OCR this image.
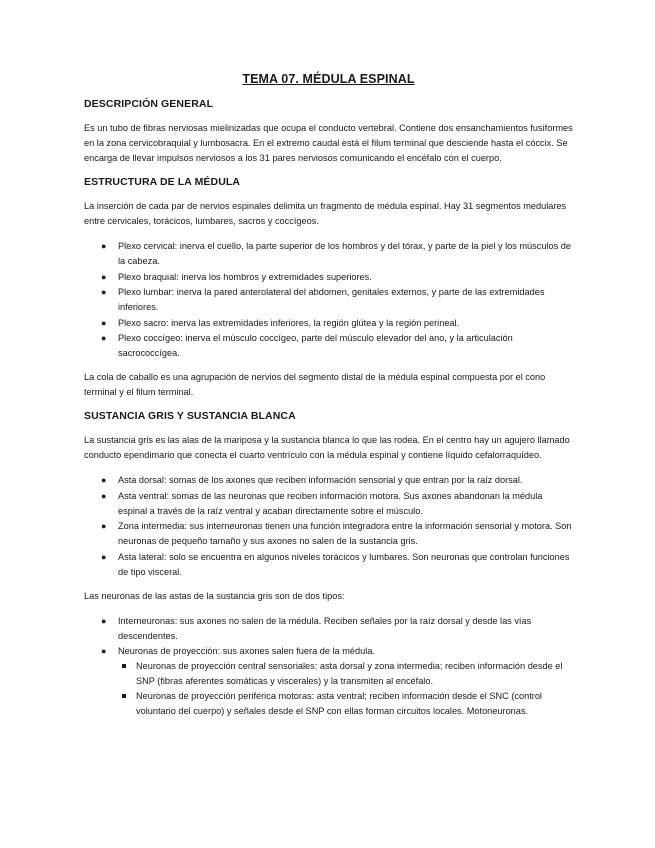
TEMA 07. MÉDULA ESPINAL
DESCRIPCIÓN GENERAL

Es un tubo de fibras nerviosas mielinizadas que ocupa el conducto vertebral. Contiene dos ensanchamientos fusiformes en la zona cervicobraquial y lumbosacra. En el extremo caudal está el filum terminal que desciende hasta el cóccix. Se encarga de llevar impulsos nerviosos a los 31 pares nerviosos comunicando el encéfalo con el cuerpo.

ESTRUCTURA DE LA MÉDULA

La inserción de cada par de nervios espinales delimita un fragmento de médula espinal. Hay 31 segmentos medulares entre cervicales, torácicos, lumbares, sacros y coccígeos.

● Plexo cervical: inerva el cuello, la parte superior de los hombros y del tórax, y parte de la piel y los músculos de la cabeza.
● Plexo braquial: inerva los hombros y extremidades superiores.
● Plexo lumbar: inerva la pared anterolateral del abdomen, genitales externos, y parte de las extremidades inferiores.
● Plexo sacro: inerva las extremidades inferiores, la región glútea y la región perineal.
● Plexo coccígeo: inerva el músculo coccígeo, parte del músculo elevador del ano, y la articulación sacrococcígea.

La cola de caballo es una agrupación de nervios del segmento distal de la médula espinal compuesta por el cono terminal y el filum terminal.

SUSTANCIA GRIS Y SUSTANCIA BLANCA

La sustancia gris es las alas de la mariposa y la sustancia blanca lo que las rodea. En el centro hay un agujero llamado conducto ependimario que conecta el cuarto ventrículo con la médula espinal y contiene líquido cefalorraquídeo.

● Asta dorsal: somas de los axones que reciben información sensorial y que entran por la raíz dorsal.
● Asta ventral: somas de las neuronas que reciben información motora. Sus axones abandonan la médula espinal a través de la raíz ventral y acaban directamente sobre el músculo.
● Zona intermedia: sus interneuronas tienen una función integradora entre la información sensorial y motora. Son neuronas de pequeño tamaño y sus axones no salen de la sustancia gris.
● Asta lateral: solo se encuentra en algunos niveles torácicos y lumbares. Son neuronas que controlan funciones de tipo visceral.

Las neuronas de las astas de la sustancia gris son de dos tipos:

● Interneuronas: sus axones no salen de la médula. Reciben señales por la raíz dorsal y desde las vías descendentes.
● Neuronas de proyección: sus axones salen fuera de la médula.
Neuronas de proyección central sensoriales: asta dorsal y zona intermedia; reciben información desde el SNP (fibras aferentes somáticas y viscerales) y la transmiten al encéfalo.
Neuronas de proyección periférica motoras: asta ventral; reciben información desde el SNC (control voluntario del cuerpo) y señales desde el SNP con ellas forman circuitos locales. Motoneuronas.
